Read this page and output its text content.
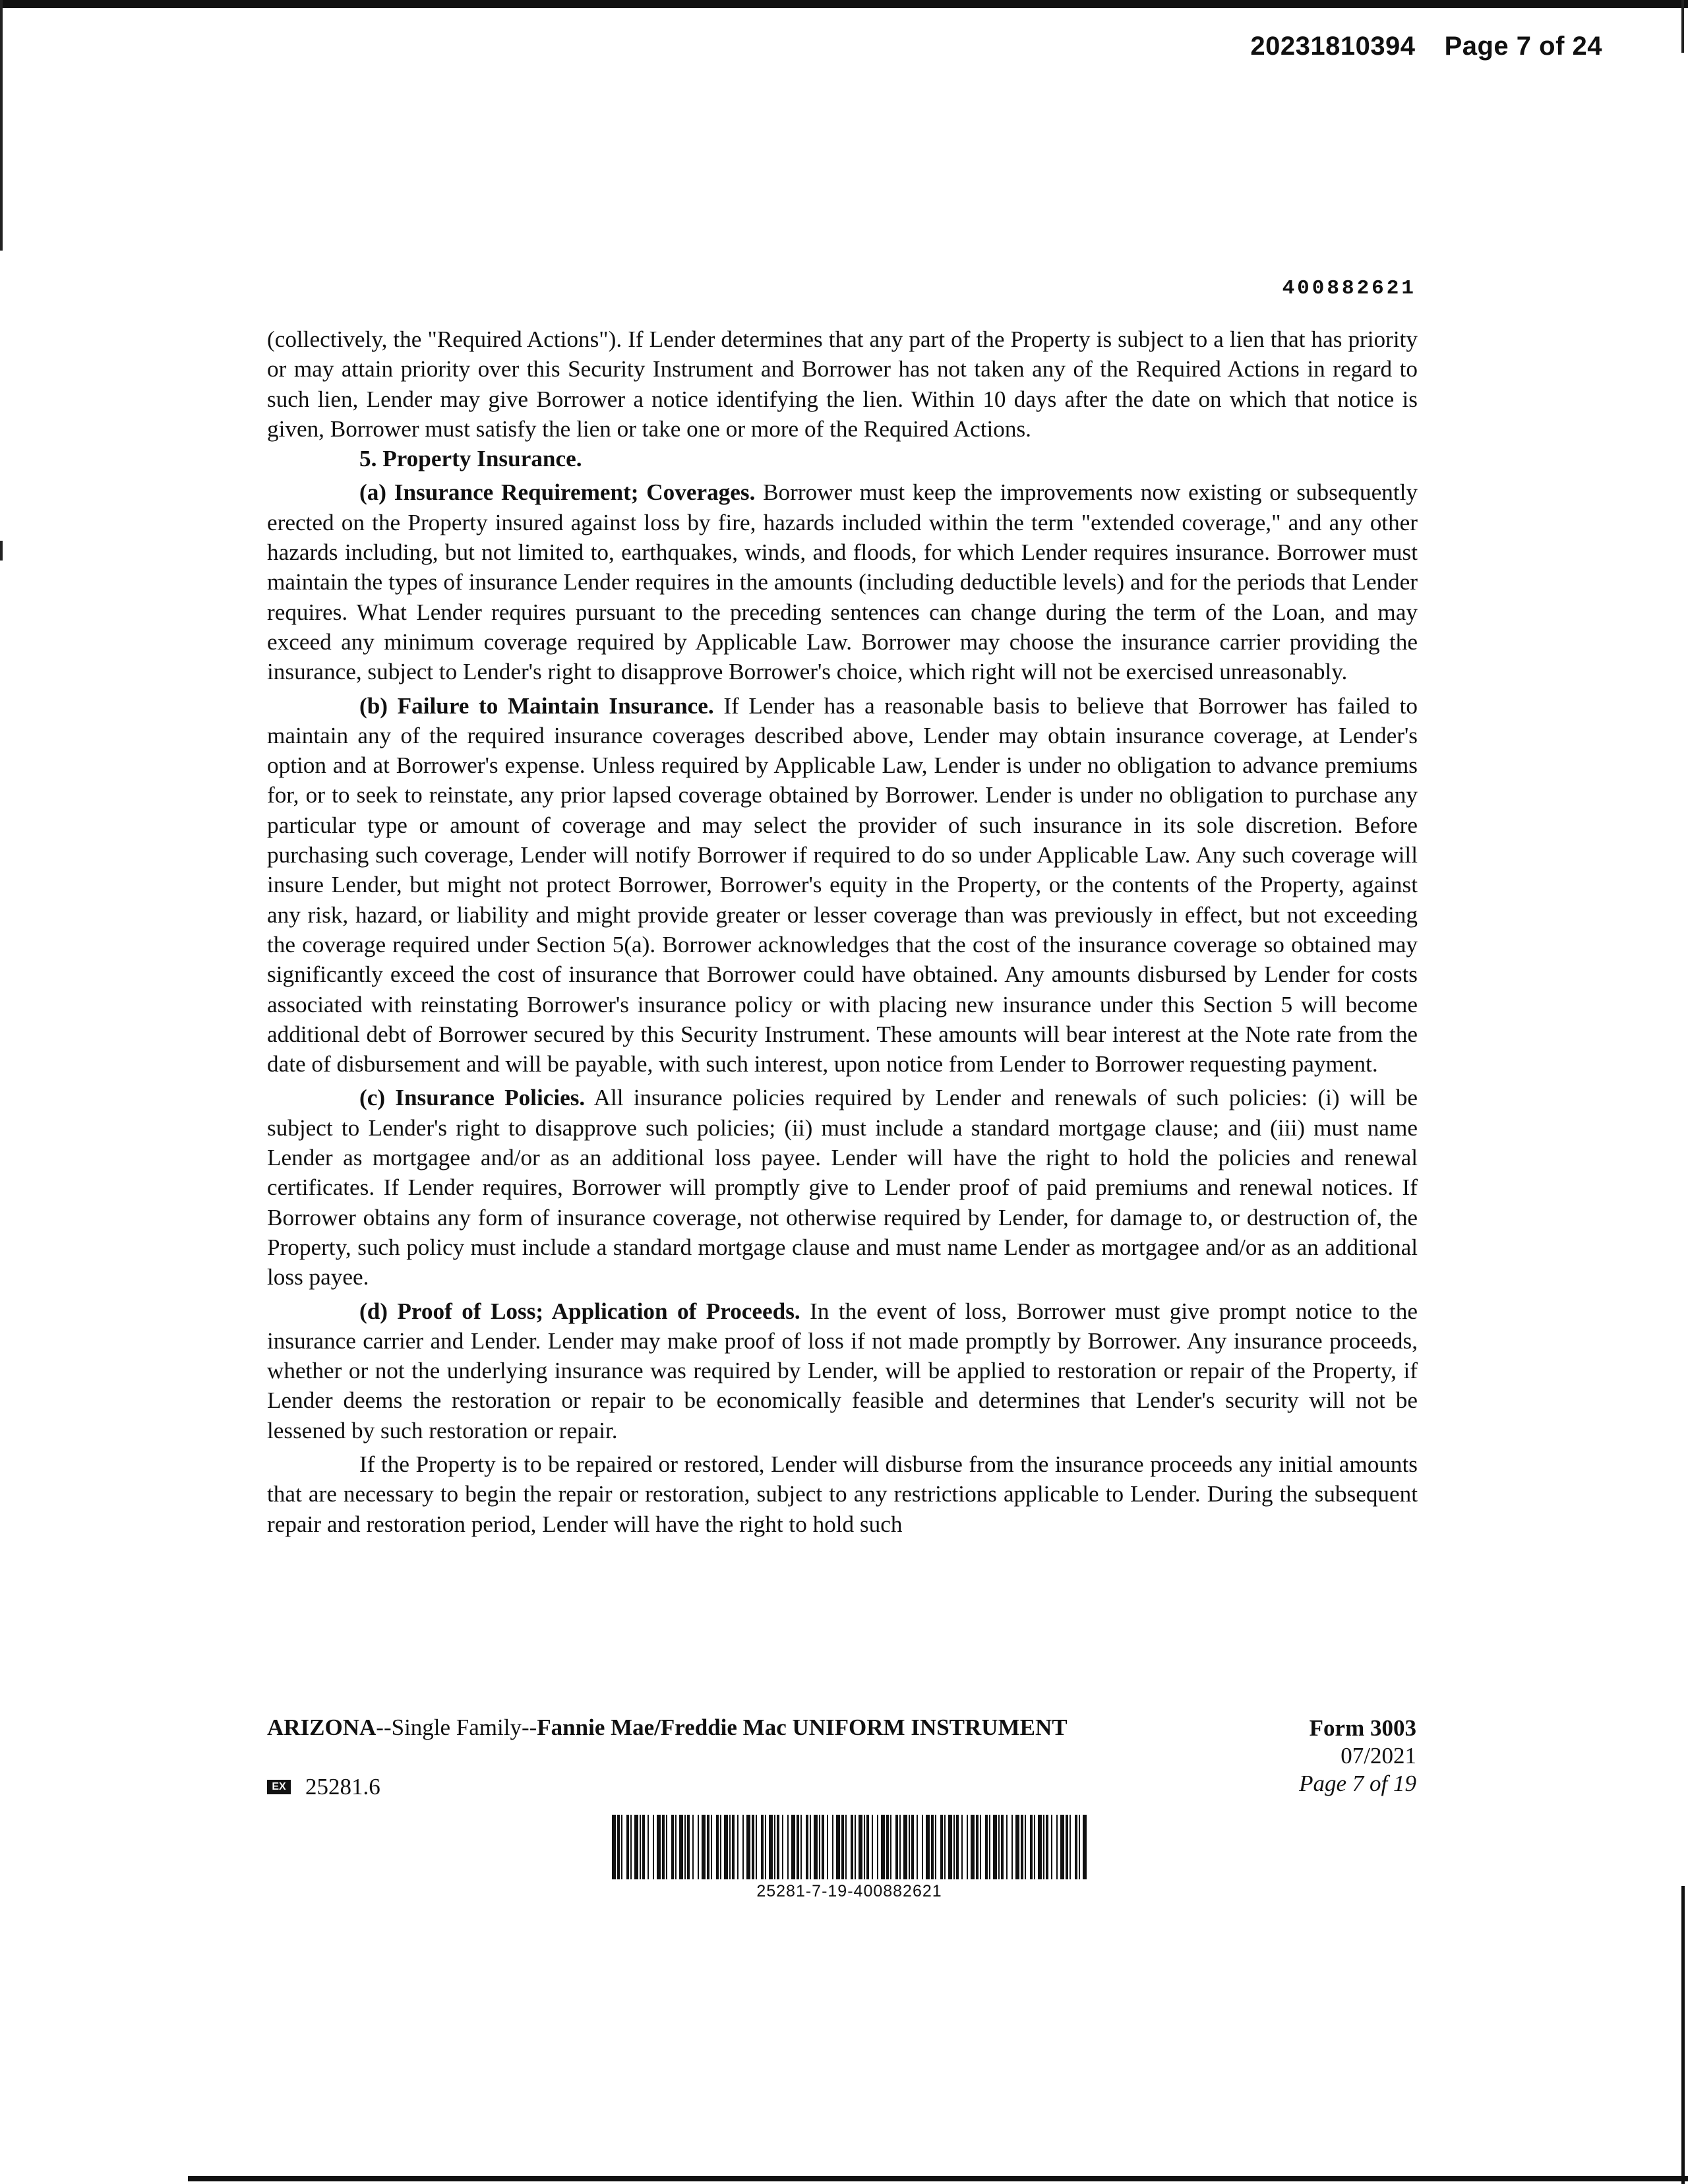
20231810394 Page 7 of 24
400882621

(collectively, the "Required Actions"). If Lender determines that any part of the Property is subject to a lien that has priority or may attain priority over this Security Instrument and Borrower has not taken any of the Required Actions in regard to such lien, Lender may give Borrower a notice identifying the lien. Within 10 days after the date on which that notice is given, Borrower must satisfy the lien or take one or more of the Required Actions.

5. Property Insurance.

(a) Insurance Requirement; Coverages. Borrower must keep the improvements now existing or subsequently erected on the Property insured against loss by fire, hazards included within the term "extended coverage," and any other hazards including, but not limited to, earthquakes, winds, and floods, for which Lender requires insurance. Borrower must maintain the types of insurance Lender requires in the amounts (including deductible levels) and for the periods that Lender requires. What Lender requires pursuant to the preceding sentences can change during the term of the Loan, and may exceed any minimum coverage required by Applicable Law. Borrower may choose the insurance carrier providing the insurance, subject to Lender's right to disapprove Borrower's choice, which right will not be exercised unreasonably.

(b) Failure to Maintain Insurance. If Lender has a reasonable basis to believe that Borrower has failed to maintain any of the required insurance coverages described above, Lender may obtain insurance coverage, at Lender's option and at Borrower's expense. Unless required by Applicable Law, Lender is under no obligation to advance premiums for, or to seek to reinstate, any prior lapsed coverage obtained by Borrower. Lender is under no obligation to purchase any particular type or amount of coverage and may select the provider of such insurance in its sole discretion. Before purchasing such coverage, Lender will notify Borrower if required to do so under Applicable Law. Any such coverage will insure Lender, but might not protect Borrower, Borrower's equity in the Property, or the contents of the Property, against any risk, hazard, or liability and might provide greater or lesser coverage than was previously in effect, but not exceeding the coverage required under Section 5(a). Borrower acknowledges that the cost of the insurance coverage so obtained may significantly exceed the cost of insurance that Borrower could have obtained. Any amounts disbursed by Lender for costs associated with reinstating Borrower's insurance policy or with placing new insurance under this Section 5 will become additional debt of Borrower secured by this Security Instrument. These amounts will bear interest at the Note rate from the date of disbursement and will be payable, with such interest, upon notice from Lender to Borrower requesting payment.

(c) Insurance Policies. All insurance policies required by Lender and renewals of such policies: (i) will be subject to Lender's right to disapprove such policies; (ii) must include a standard mortgage clause; and (iii) must name Lender as mortgagee and/or as an additional loss payee. Lender will have the right to hold the policies and renewal certificates. If Lender requires, Borrower will promptly give to Lender proof of paid premiums and renewal notices. If Borrower obtains any form of insurance coverage, not otherwise required by Lender, for damage to, or destruction of, the Property, such policy must include a standard mortgage clause and must name Lender as mortgagee and/or as an additional loss payee.

(d) Proof of Loss; Application of Proceeds. In the event of loss, Borrower must give prompt notice to the insurance carrier and Lender. Lender may make proof of loss if not made promptly by Borrower. Any insurance proceeds, whether or not the underlying insurance was required by Lender, will be applied to restoration or repair of the Property, if Lender deems the restoration or repair to be economically feasible and determines that Lender's security will not be lessened by such restoration or repair.

If the Property is to be repaired or restored, Lender will disburse from the insurance proceeds any initial amounts that are necessary to begin the repair or restoration, subject to any restrictions applicable to Lender. During the subsequent repair and restoration period, Lender will have the right to hold such

ARIZONA--Single Family--Fannie Mae/Freddie Mac UNIFORM INSTRUMENT	Form 3003
07/2021
Page 7 of 19
EX 25281.6
25281-7-19-400882621
